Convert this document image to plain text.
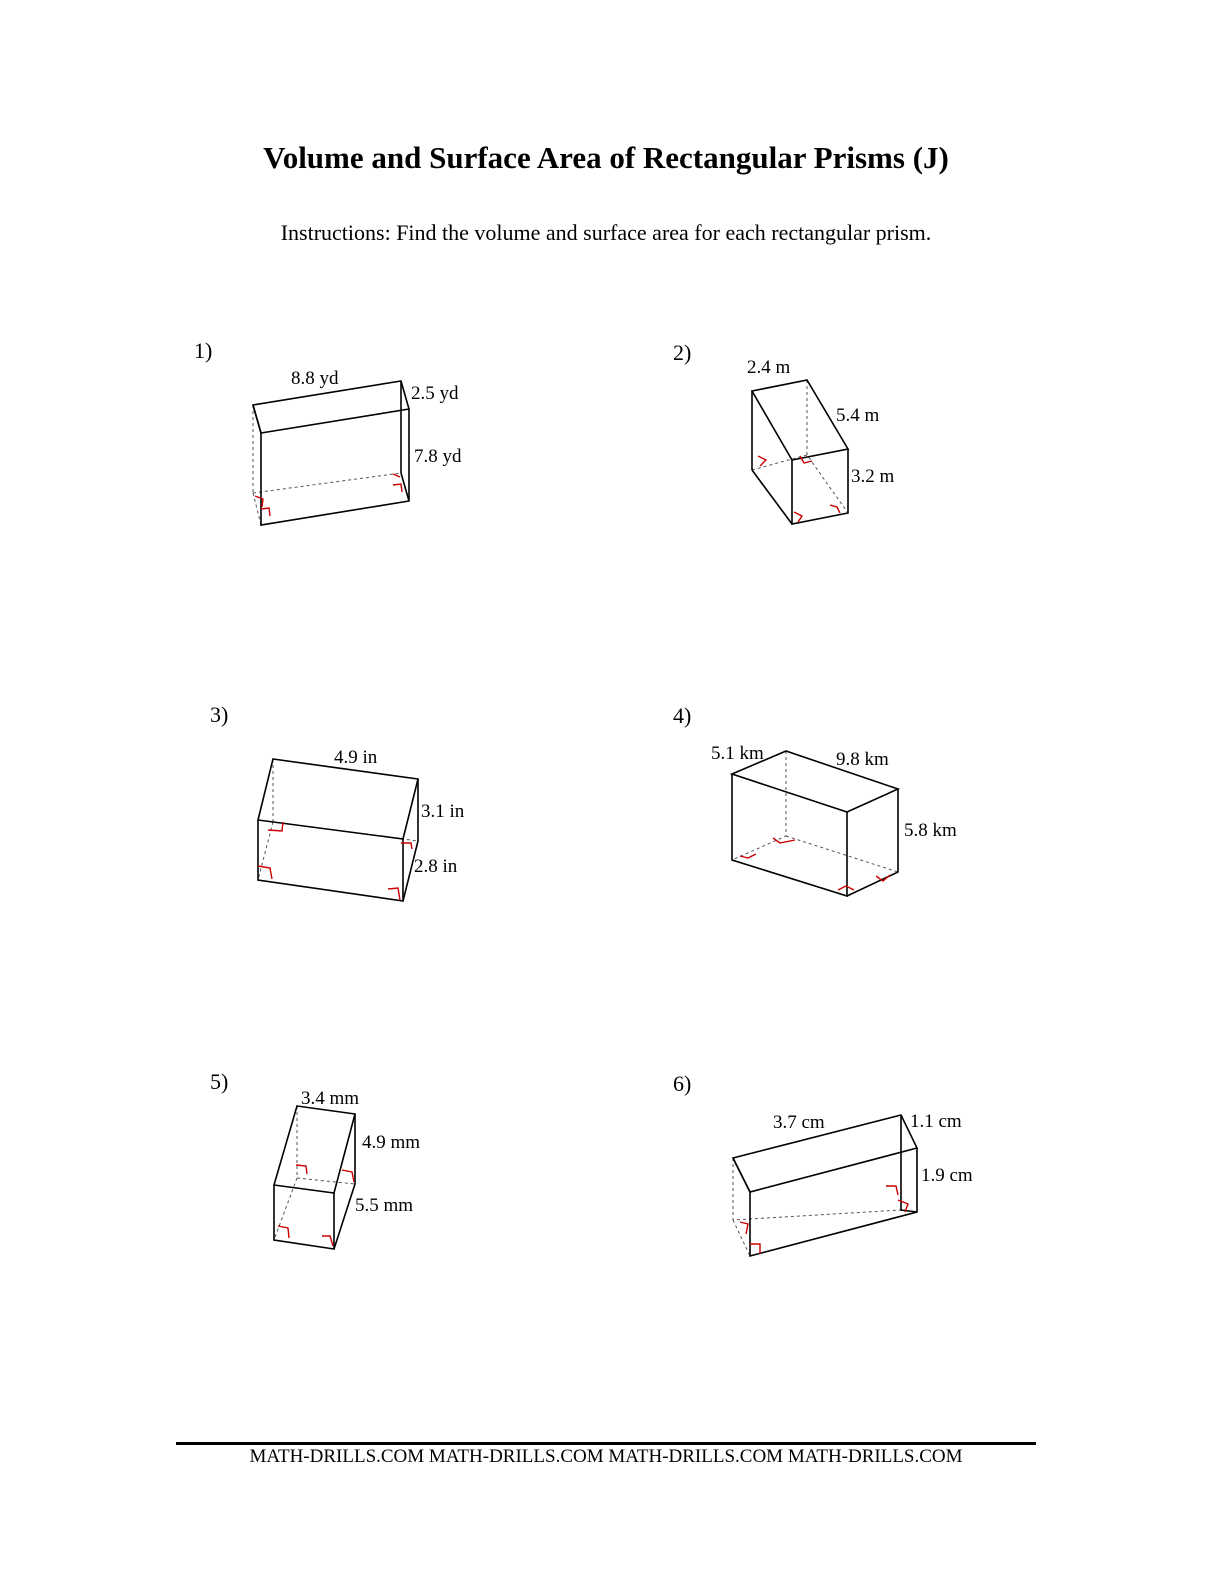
Volume and Surface Area of Rectangular Prisms (J)

Instructions: Find the volume and surface area for each rectangular prism.

1)	2)
3)	4)
5)	6)
8.8 yd
2.5 yd
7.8 yd
2.4 m
5.4 m
3.2 m
4.9 in
3.1 in
2.8 in
5.1 km	9.8 km
5.8 km
3.4 mm
4.9 mm
5.5 mm
3.7 cm	1.1 cm
1.9 cm
MATH-DRILLS.COM MATH-DRILLS.COM MATH-DRILLS.COM MATH-DRILLS.COM
